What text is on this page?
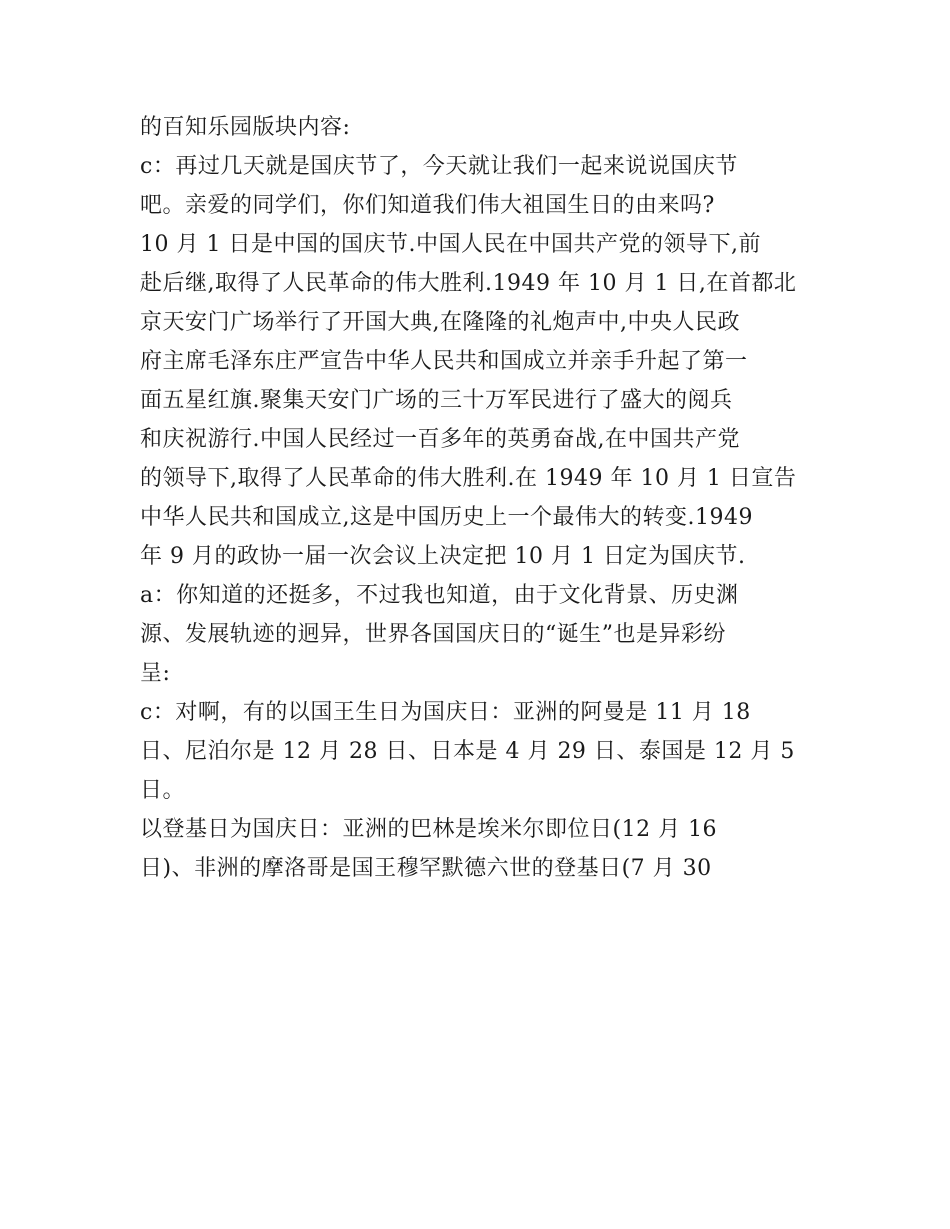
的百知乐园版块内容:
c：再过几天就是国庆节了，今天就让我们一起来说说国庆节
吧。亲爱的同学们，你们知道我们伟大祖国生日的由来吗?
10 月 1 日是中国的国庆节.中国人民在中国共产党的领导下,前
赴后继,取得了人民革命的伟大胜利.1949 年 10 月 1 日,在首都北
京天安门广场举行了开国大典,在隆隆的礼炮声中,中央人民政
府主席毛泽东庄严宣告中华人民共和国成立并亲手升起了第一
面五星红旗.聚集天安门广场的三十万军民进行了盛大的阅兵
和庆祝游行.中国人民经过一百多年的英勇奋战,在中国共产党
的领导下,取得了人民革命的伟大胜利.在 1949 年 10 月 1 日宣告
中华人民共和国成立,这是中国历史上一个最伟大的转变.1949
年 9 月的政协一届一次会议上决定把 10 月 1 日定为国庆节.
a：你知道的还挺多，不过我也知道，由于文化背景、历史渊
源、发展轨迹的迥异，世界各国国庆日的“诞生”也是异彩纷
呈:
c：对啊，有的以国王生日为国庆日：亚洲的阿曼是 11 月 18
日、尼泊尔是 12 月 28 日、日本是 4 月 29 日、泰国是 12 月 5
日。
以登基日为国庆日：亚洲的巴林是埃米尔即位日(12 月 16
日)、非洲的摩洛哥是国王穆罕默德六世的登基日(7 月 30
